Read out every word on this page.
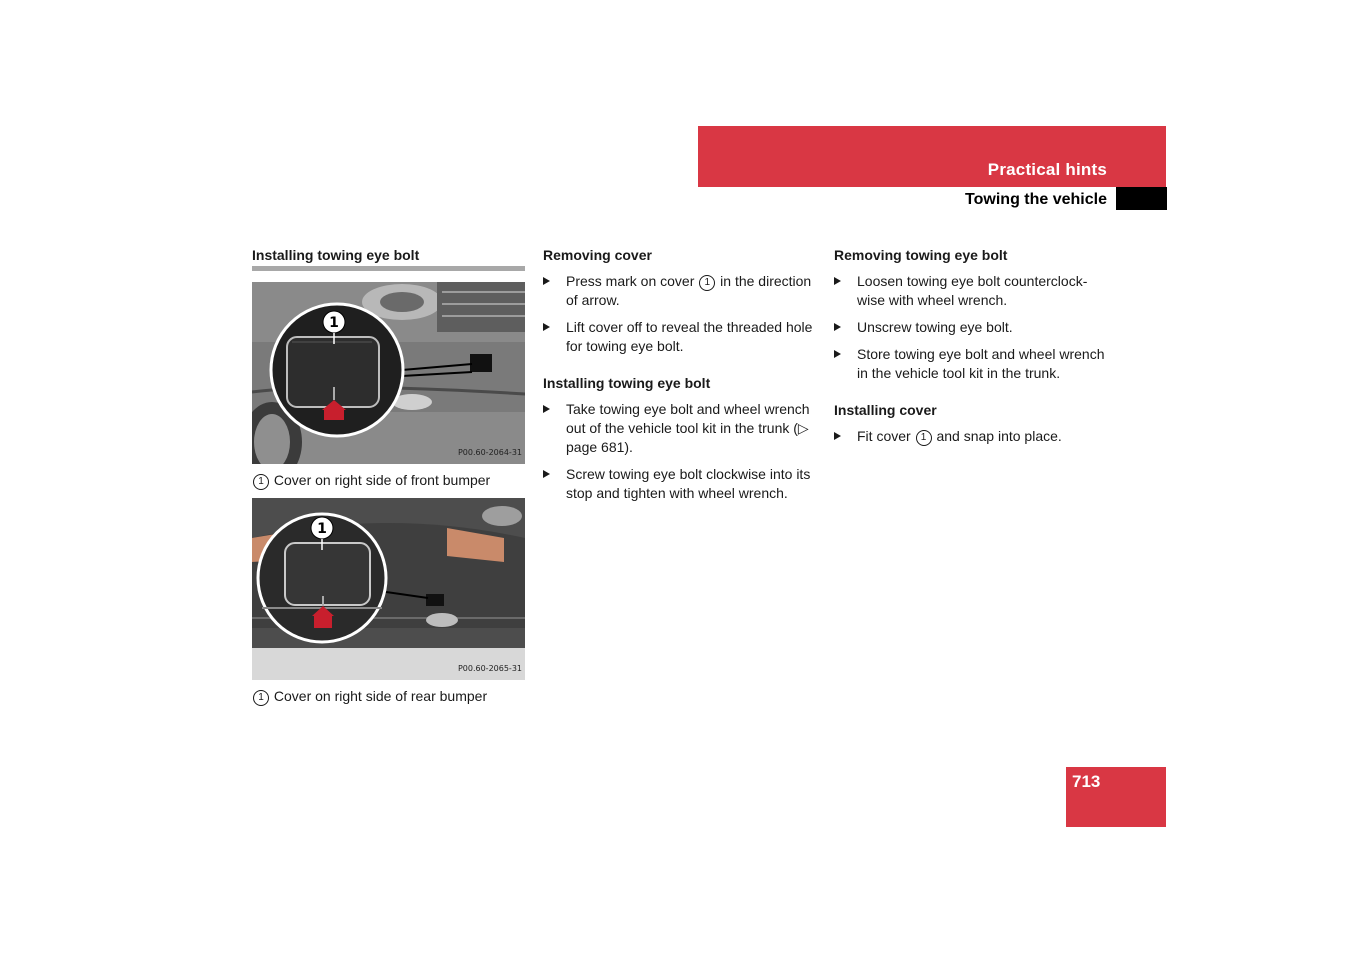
Practical hints
Towing the vehicle
Installing towing eye bolt
1
P00.60-2064-31
1 Cover on right side of front bumper
1
P00.60-2065-31
1 Cover on right side of rear bumper
Removing cover

Press mark on cover 1 in the direction of arrow.

Lift cover off to reveal the threaded hole for towing eye bolt.

Installing towing eye bolt

Take towing eye bolt and wheel wrench out of the vehicle tool kit in the trunk (▷ page 681).

Screw towing eye bolt clockwise into its stop and tighten with wheel wrench.

Removing towing eye bolt

Loosen towing eye bolt counterclock-wise with wheel wrench.

Unscrew towing eye bolt.

Store towing eye bolt and wheel wrench in the vehicle tool kit in the trunk.

Installing cover

Fit cover 1 and snap into place.

713
